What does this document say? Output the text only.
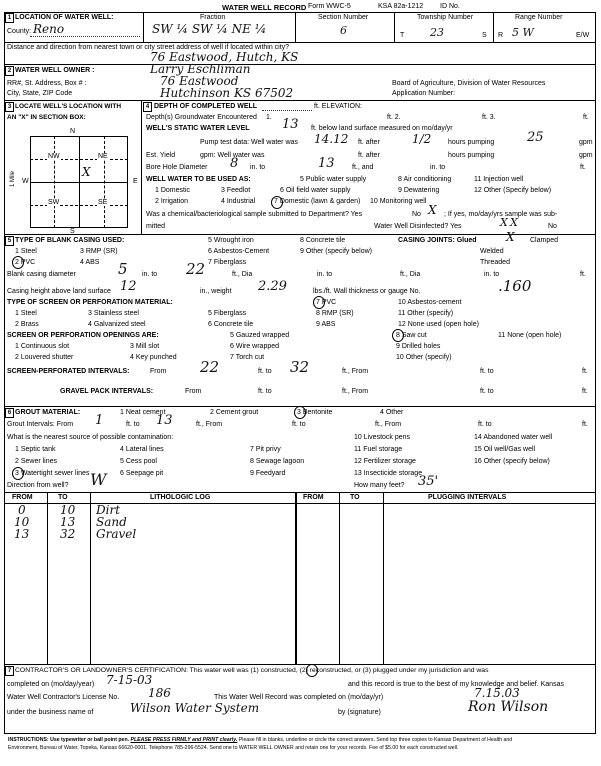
WATER WELL RECORD Form WWC-5	KSA 82a-1212 ID No.
1 LOCATION OF WATER WELL:
County: Reno
Fraction
SW ¼ SW ¼ NE ¼
Section Number
6
Township Number
T 23	S
Range Number
R 5 W	E/W
Distance and direction from nearest town or city street address of well if located within city?
76 Eastwood, Hutch, KS
2 WATER WELL OWNER :	Larry Eschliman
RR#, St. Address, Box # :	76 Eastwood
City, State, ZIP Code	Hutchinson KS 67502
Board of Agriculture, Division of Water Resources
Application Number:
3 LOCATE WELL'S LOCATION WITH
AN "X" IN SECTION BOX:
N
S
W	E
1 Mile
NW	NE
SW	SE
X
4 DEPTH OF COMPLETED WELL	ft. ELEVATION:
Depth(s) Groundwater Encountered 1.	ft. 2.	ft. 3.	ft.
WELL'S STATIC WATER LEVEL 13 ft. below land surface measured on mo/day/yr
Pump test data: Well water was 14.12 ft. after	1/2 hours pumping	25	gpm
Est. Yield	gpm: Well water was	ft. after	hours pumping	gpm
Bore Hole Diameter 8 in. to	13 ft., and	in. to	ft.
WELL WATER TO BE USED AS:	5 Public water supply	8 Air conditioning	11 Injection well
1 Domestic	3 Feedlot	6 Oil field water supply	9 Dewatering	12 Other (Specify below)
2 Irrigation	4 Industrial	7 Domestic (lawn & garden) 10 Monitoring well
Was a chemical/bacteriological sample submitted to Department? Yes	No X ; If yes, mo/day/yrs sample was sub-
mitted	Water Well Disinfected? Yes	X X	No
5 TYPE OF BLANK CASING USED:	5 Wrought iron	8 Concrete tile	CASING JOINTS: Glued X Clamped
1 Steel	3 RMP (SR)	6 Asbestos-Cement	9 Other (specify below)	Welded
2 PVC	4 ABS	7 Fiberglass	Threaded
Blank casing diameter	5 in. to 22	ft., Dia	in. to	ft., Dia	in. to	ft.
Casing height above land surface 12	in., weight 2.29	lbs./ft. Wall thickness or gauge No.	.160
TYPE OF SCREEN OR PERFORATION MATERIAL:	7 PVC	10 Asbestos-cement
1 Steel	3 Stainless steel	5 Fiberglass	8 RMP (SR)	11 Other (specify)
2 Brass	4 Galvanized steel	6 Concrete tile	9 ABS	12 None used (open hole)
SCREEN OR PERFORATION OPENINGS ARE:	5 Gauzed wrapped	8 Saw cut	11 None (open hole)
1 Continuous slot	3 Mill slot	6 Wire wrapped	9 Drilled holes
2 Louvered shutter	4 Key punched	7 Torch cut	10 Other (specify)
SCREEN-PERFORATED INTERVALS:	From 22	ft. to 32	ft., From	ft. to	ft.
GRAVEL PACK INTERVALS:	From	ft. to	ft., From	ft. to	ft.
6 GROUT MATERIAL:	1 Neat cement	2 Cement grout	3 Bentonite	4 Other
Grout Intervals: From 1	ft. to 13	ft., From	ft. to	ft., From	ft. to	ft.
What is the nearest source of possible contamination:	10 Livestock pens	14 Abandoned water well
1 Septic tank	4 Lateral lines	7 Pit privy	11 Fuel storage	15 Oil well/Gas well
2 Sewer lines	5 Cess pool	8 Sewage lagoon	12 Fertilizer storage	16 Other (specify below)
3 Watertight sewer lines	6 Seepage pit	9 Feedyard	13 Insecticide storage
Direction from well? W	How many feet? 35'
FROM	TO	LITHOLOGIC LOG	FROM	TO	PLUGGING INTERVALS
0	10 Dirt
10	13 Sand
13	32 Gravel
7 CONTRACTOR'S OR LANDOWNER'S CERTIFICATION: This water well was (1) constructed, (2) reconstructed, or (3) plugged under my jurisdiction and was
completed on (mo/day/year) 7-15-03	and this record is true to the best of my knowledge and belief. Kansas
Water Well Contractor's License No. 186	This Water Well Record was completed on (mo/day/yr)	7.15.03
under the business name of	Wilson Water System	by (signature)	Ron Wilson
INSTRUCTIONS: Use typewriter or ball point pen. PLEASE PRESS FIRMLY and PRINT clearly. Please fill in blanks, underline or circle the correct answers. Send top three copies to Kansas Department of Health and
Environment, Bureau of Water, Topeka, Kansas 66620-0001. Telephone 785-296-5524. Send one to WATER WELL OWNER and retain one for your records. Fee of $5.00 for each constructed well.
